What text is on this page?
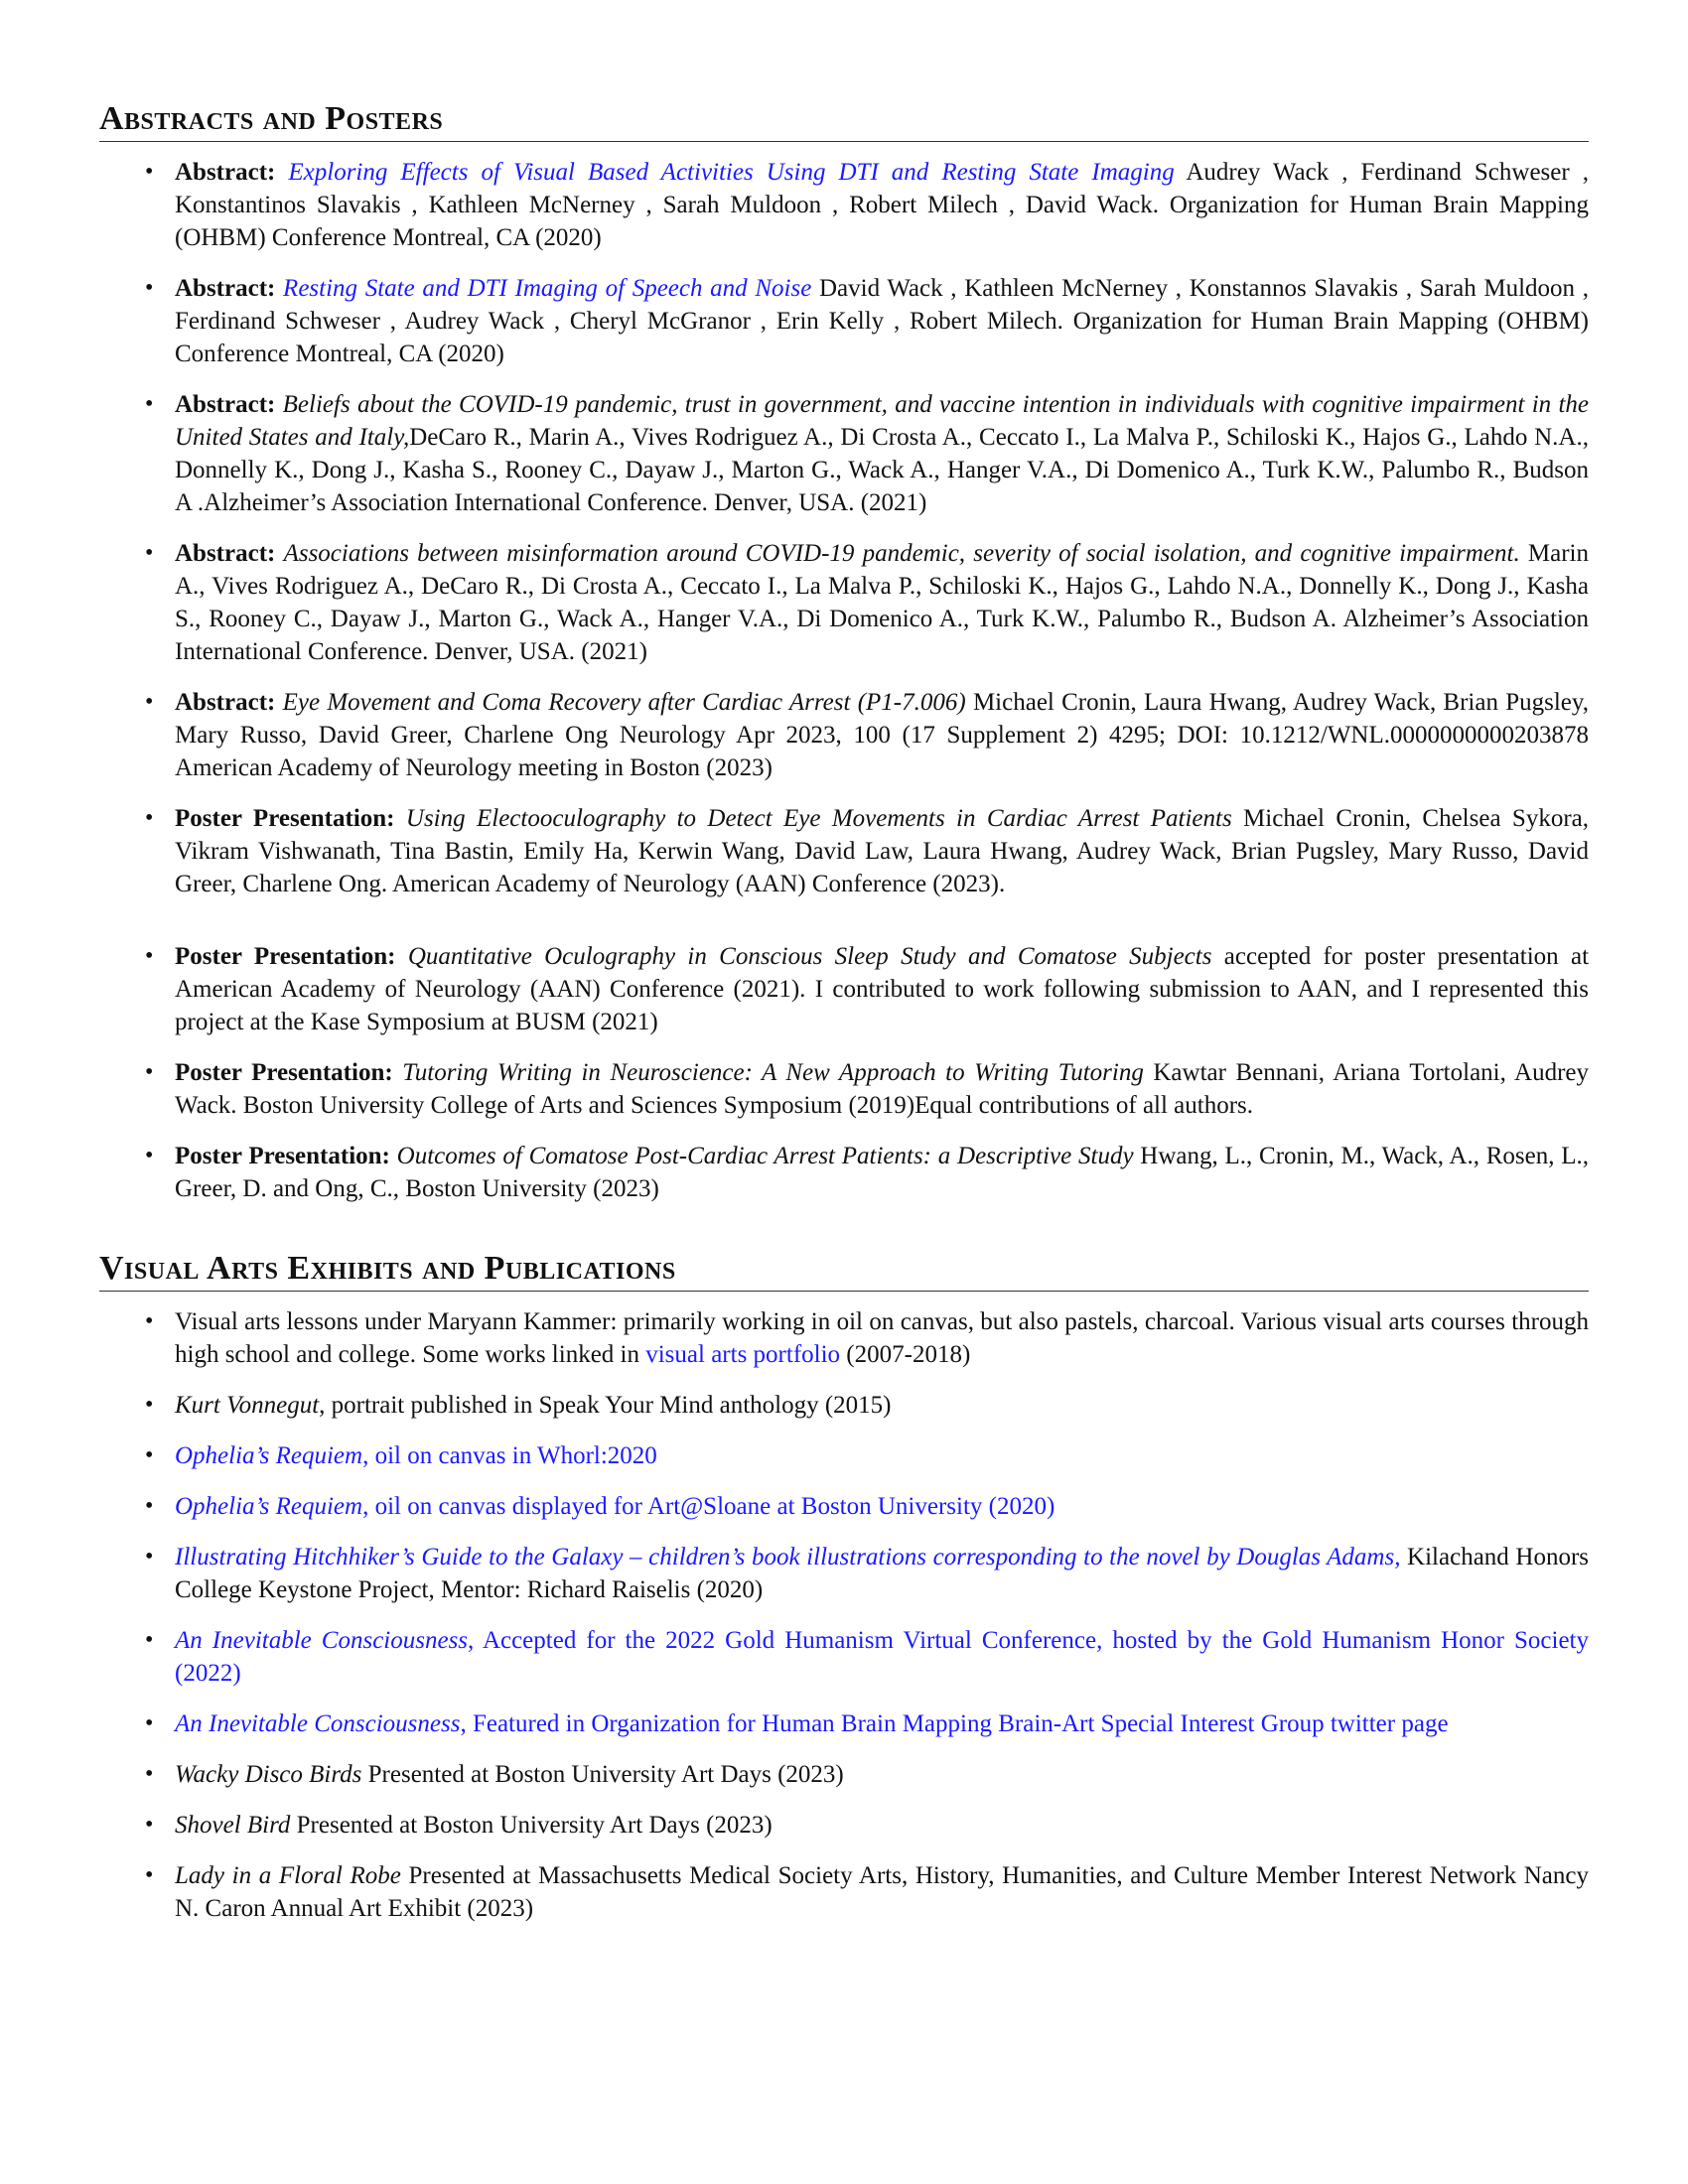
Abstracts and Posters
• Abstract: Exploring Effects of Visual Based Activities Using DTI and Resting State Imaging Audrey Wack , Ferdinand Schweser , Konstantinos Slavakis , Kathleen McNerney , Sarah Muldoon , Robert Milech , David Wack. Organization for Human Brain Mapping (OHBM) Conference Montreal, CA (2020)
• Abstract: Resting State and DTI Imaging of Speech and Noise David Wack , Kathleen McNerney , Konstannos Slavakis , Sarah Muldoon , Ferdinand Schweser , Audrey Wack , Cheryl McGranor , Erin Kelly , Robert Milech. Organization for Human Brain Mapping (OHBM) Conference Montreal, CA (2020)
• Abstract: Beliefs about the COVID-19 pandemic, trust in government, and vaccine intention in individuals with cognitive impairment in the United States and Italy,DeCaro R., Marin A., Vives Rodriguez A., Di Crosta A., Ceccato I., La Malva P., Schiloski K., Hajos G., Lahdo N.A., Donnelly K., Dong J., Kasha S., Rooney C., Dayaw J., Marton G., Wack A., Hanger V.A., Di Domenico A., Turk K.W., Palumbo R., Budson A .Alzheimer’s Association International Conference. Denver, USA. (2021)
• Abstract: Associations between misinformation around COVID-19 pandemic, severity of social isolation, and cognitive impairment. Marin A., Vives Rodriguez A., DeCaro R., Di Crosta A., Ceccato I., La Malva P., Schiloski K., Hajos G., Lahdo N.A., Donnelly K., Dong J., Kasha S., Rooney C., Dayaw J., Marton G., Wack A., Hanger V.A., Di Domenico A., Turk K.W., Palumbo R., Budson A. Alzheimer’s Association International Conference. Denver, USA. (2021)
• Abstract: Eye Movement and Coma Recovery after Cardiac Arrest (P1-7.006) Michael Cronin, Laura Hwang, Audrey Wack, Brian Pugsley, Mary Russo, David Greer, Charlene Ong Neurology Apr 2023, 100 (17 Supplement 2) 4295; DOI: 10.1212/WNL.0000000000203878 American Academy of Neurology meeting in Boston (2023)
• Poster Presentation: Using Electooculography to Detect Eye Movements in Cardiac Arrest Patients Michael Cronin, Chelsea Sykora, Vikram Vishwanath, Tina Bastin, Emily Ha, Kerwin Wang, David Law, Laura Hwang, Audrey Wack, Brian Pugsley, Mary Russo, David Greer, Charlene Ong. American Academy of Neurology (AAN) Conference (2023).
• Poster Presentation: Quantitative Oculography in Conscious Sleep Study and Comatose Subjects accepted for poster presentation at American Academy of Neurology (AAN) Conference (2021). I contributed to work following submission to AAN, and I represented this project at the Kase Symposium at BUSM (2021)
• Poster Presentation: Tutoring Writing in Neuroscience: A New Approach to Writing Tutoring Kawtar Bennani, Ariana Tortolani, Audrey Wack. Boston University College of Arts and Sciences Symposium (2019)Equal contributions of all authors.
• Poster Presentation: Outcomes of Comatose Post-Cardiac Arrest Patients: a Descriptive Study Hwang, L., Cronin, M., Wack, A., Rosen, L., Greer, D. and Ong, C., Boston University (2023)
Visual Arts Exhibits and Publications
• Visual arts lessons under Maryann Kammer: primarily working in oil on canvas, but also pastels, charcoal. Various visual arts courses through high school and college. Some works linked in visual arts portfolio (2007-2018)
• Kurt Vonnegut, portrait published in Speak Your Mind anthology (2015)
• Ophelia’s Requiem, oil on canvas in Whorl:2020
• Ophelia’s Requiem, oil on canvas displayed for Art@Sloane at Boston University (2020)
• Illustrating Hitchhiker’s Guide to the Galaxy – children’s book illustrations corresponding to the novel by Douglas Adams, Kilachand Honors College Keystone Project, Mentor: Richard Raiselis (2020)
• An Inevitable Consciousness, Accepted for the 2022 Gold Humanism Virtual Conference, hosted by the Gold Humanism Honor Society (2022)
• An Inevitable Consciousness, Featured in Organization for Human Brain Mapping Brain-Art Special Interest Group twitter page
• Wacky Disco Birds Presented at Boston University Art Days (2023)
• Shovel Bird Presented at Boston University Art Days (2023)
• Lady in a Floral Robe Presented at Massachusetts Medical Society Arts, History, Humanities, and Culture Member Interest Network Nancy N. Caron Annual Art Exhibit (2023)
